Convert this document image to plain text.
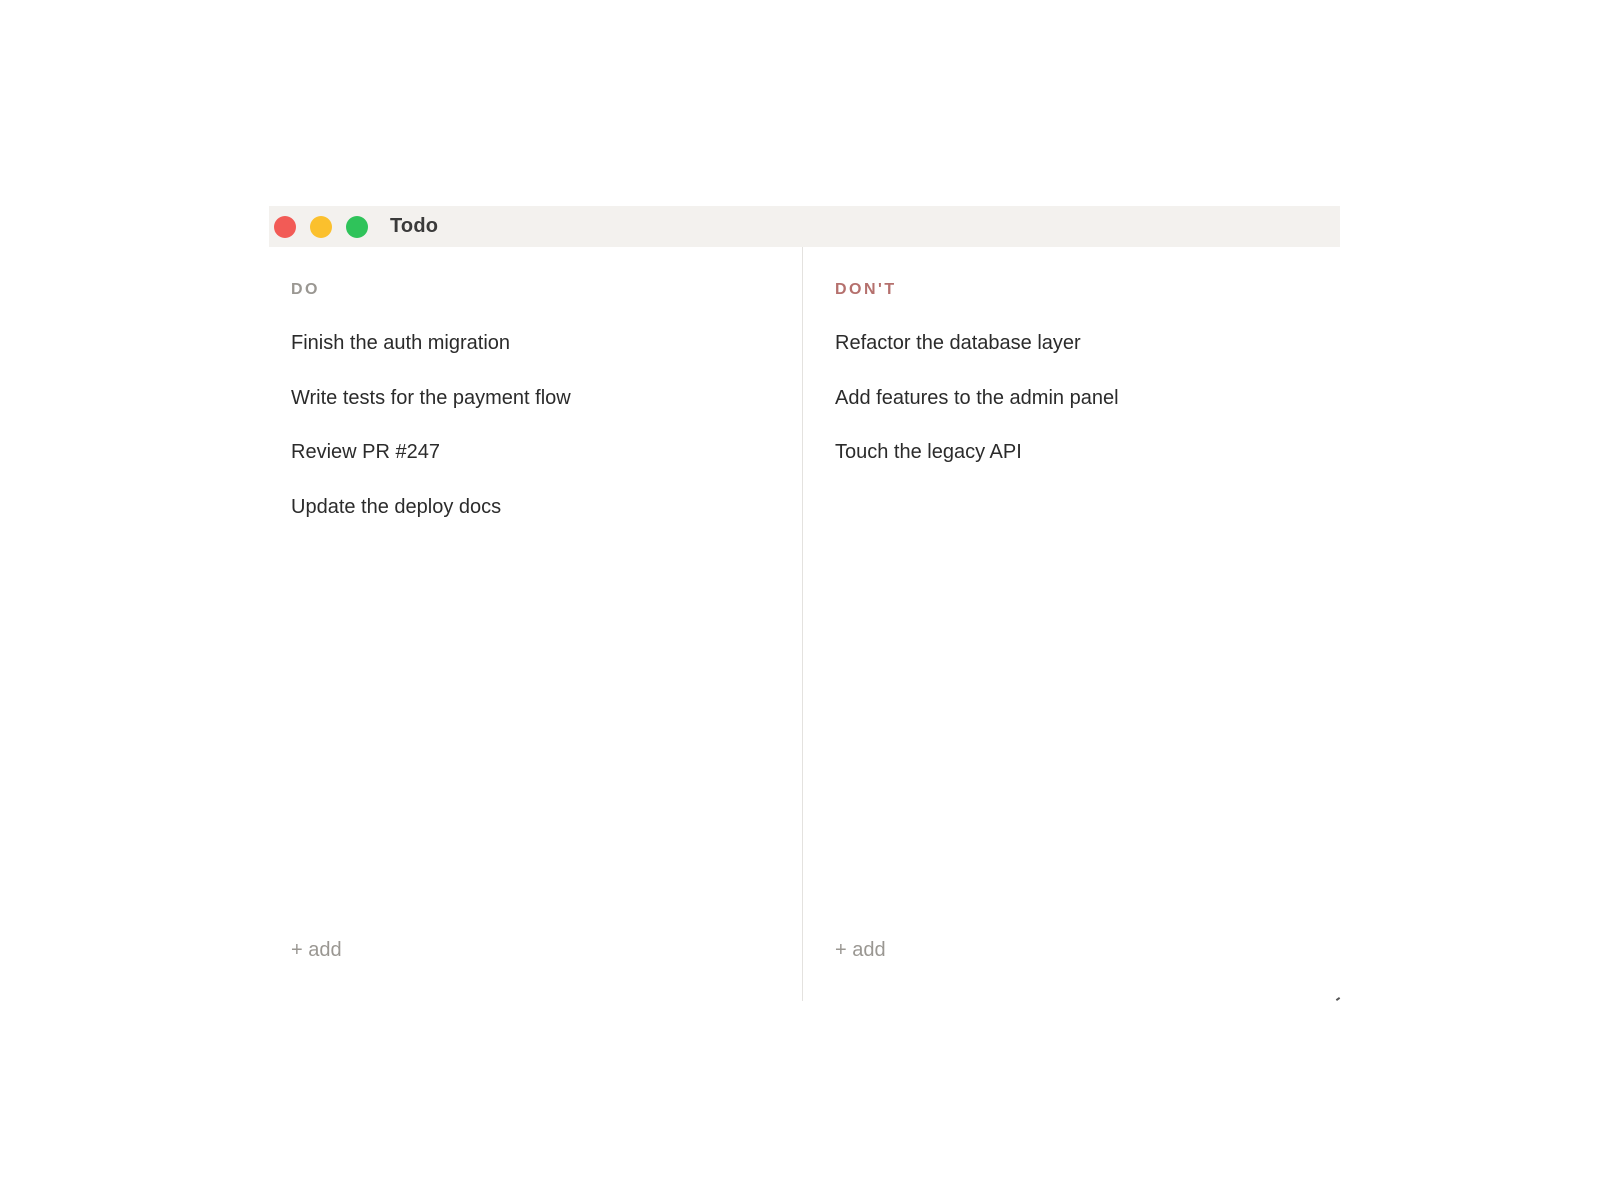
Todo
DO
Finish the auth migration
Write tests for the payment flow
Review PR #247
Update the deploy docs
+ add
DON'T
Refactor the database layer
Add features to the admin panel
Touch the legacy API
+ add
